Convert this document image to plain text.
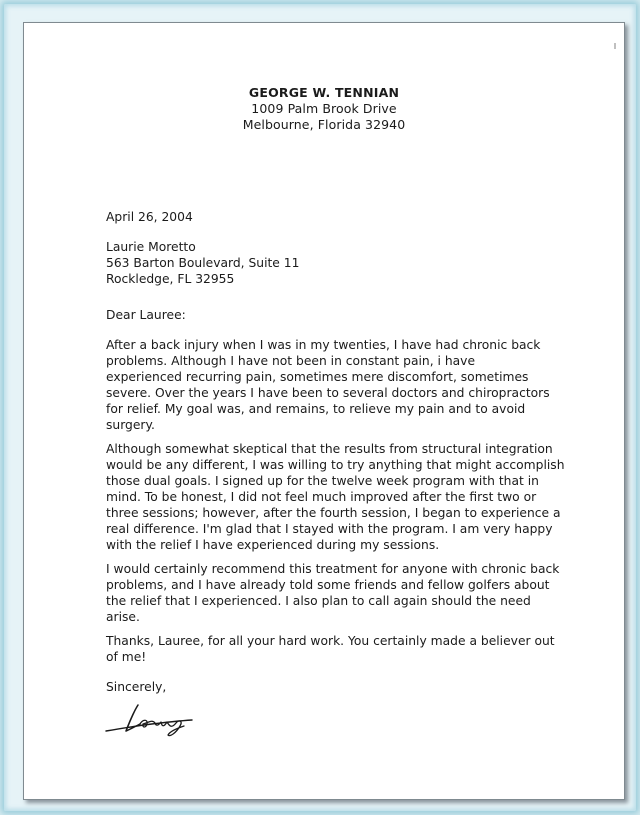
GEORGE W. TENNIAN
1009 Palm Brook Drive
Melbourne, Florida 32940
April 26, 2004
Laurie Moretto
563 Barton Boulevard, Suite 11
Rockledge, FL 32955
Dear Lauree:
After a back injury when I was in my twenties, I have had chronic back
problems. Although I have not been in constant pain, i have
experienced recurring pain, sometimes mere discomfort, sometimes
severe. Over the years I have been to several doctors and chiropractors
for relief. My goal was, and remains, to relieve my pain and to avoid
surgery.
Although somewhat skeptical that the results from structural integration
would be any different, I was willing to try anything that might accomplish
those dual goals. I signed up for the twelve week program with that in
mind. To be honest, I did not feel much improved after the first two or
three sessions; however, after the fourth session, I began to experience a
real difference. I'm glad that I stayed with the program. I am very happy
with the relief I have experienced during my sessions.
I would certainly recommend this treatment for anyone with chronic back
problems, and I have already told some friends and fellow golfers about
the relief that I experienced. I also plan to call again should the need
arise.
Thanks, Lauree, for all your hard work. You certainly made a believer out
of me!
Sincerely,
